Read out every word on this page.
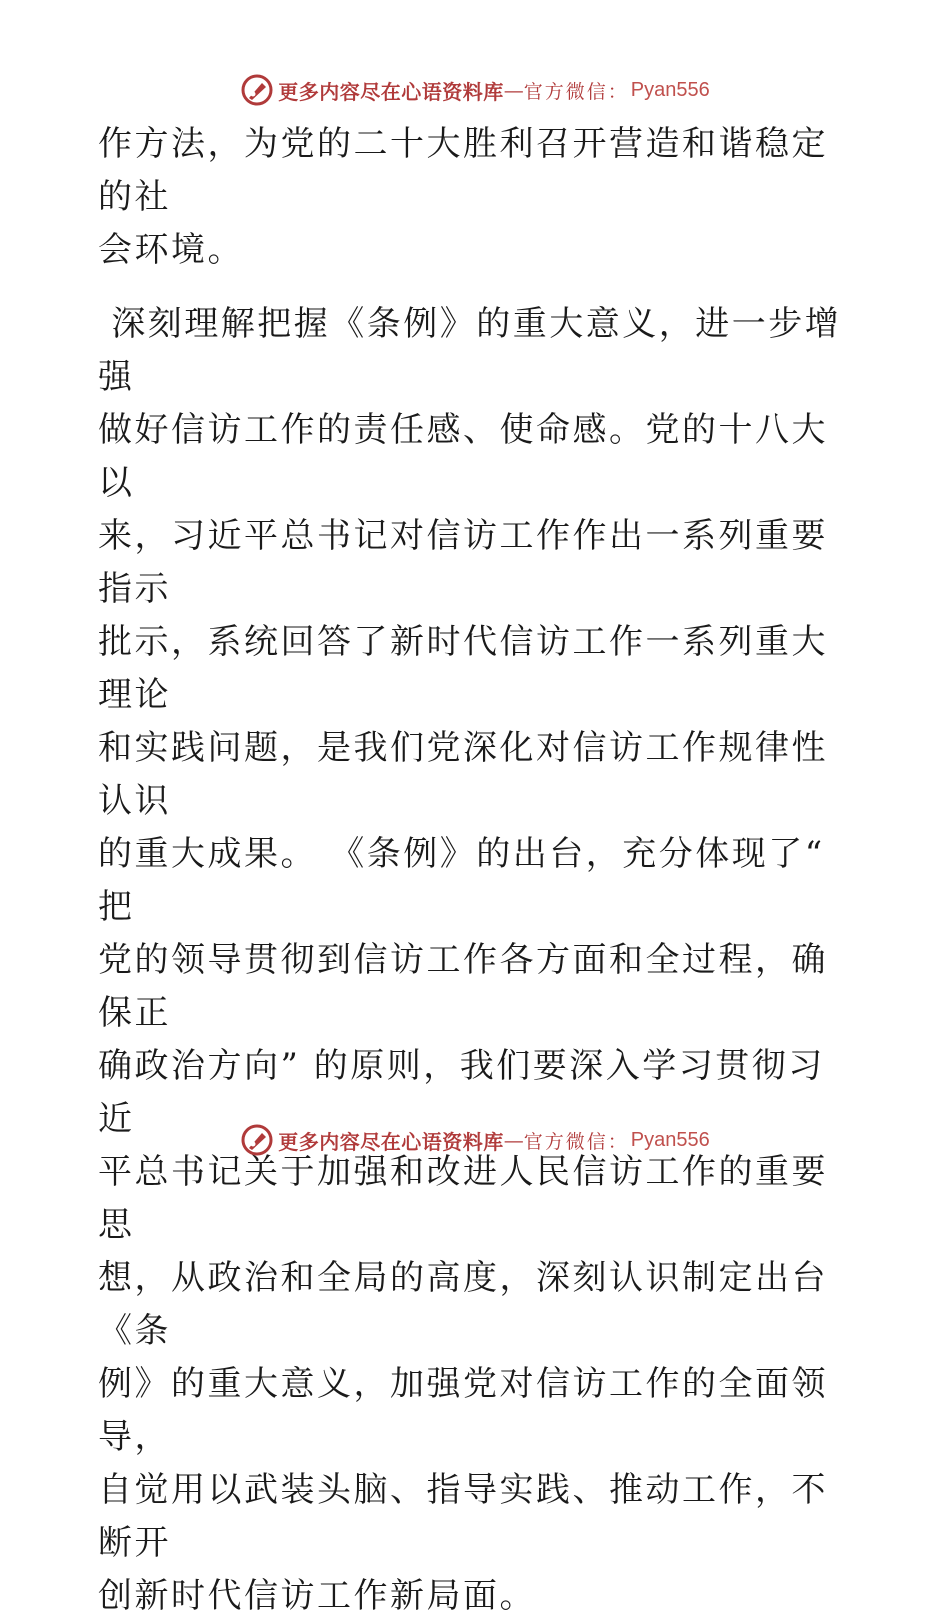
更多内容尽在心语资料库 — 官方微信： Pyan556

作方法，为党的二十大胜利召开营造和谐稳定的社
会环境。

深刻理解把握《条例》的重大意义，进一步增强
做好信访工作的责任感、使命感。党的十八大以
来，习近平总书记对信访工作作出一系列重要指示
批示，系统回答了新时代信访工作一系列重大理论
和实践问题，是我们党深化对信访工作规律性认识
的重大成果。 《条例》的出台，充分体现了“ 把
党的领导贯彻到信访工作各方面和全过程，确保正
确政治方向” 的原则，我们要深入学习贯彻习近
平总书记关于加强和改进人民信访工作的重要思
想，从政治和全局的高度，深刻认识制定出台《条
例》的重大意义，加强党对信访工作的全面领导，
自觉用以武装头脑、指导实践、推动工作，不断开
创新时代信访工作新局面。

更多内容尽在心语资料库 — 官方微信： Pyan556
